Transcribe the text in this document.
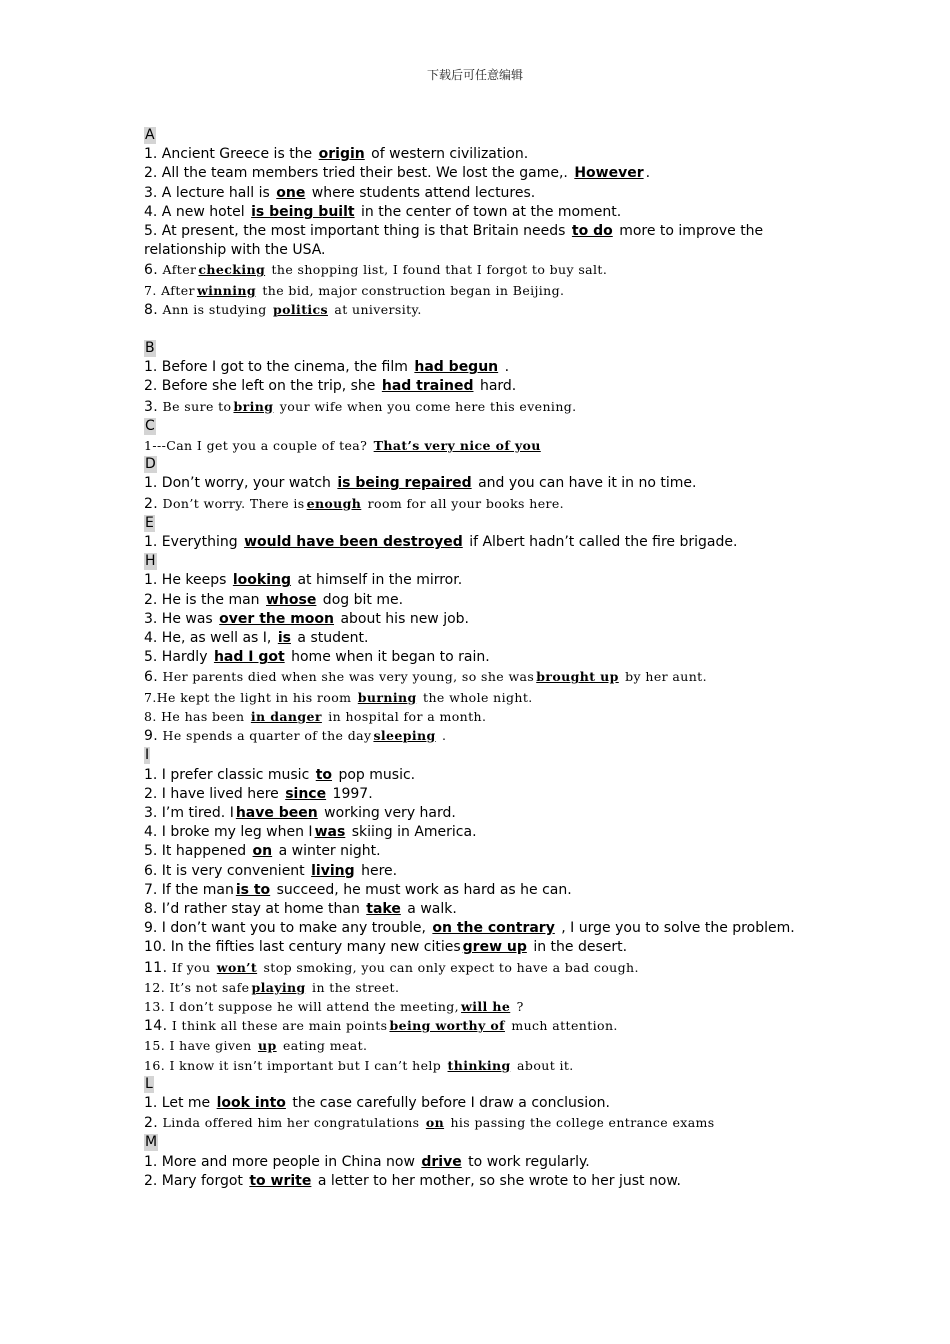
下载后可任意编辑
A
1. Ancient Greece is the origin of western civilization.
2. All the team members tried their best. We lost the game,. However .
3. A lecture hall is one where students attend lectures.
4. A new hotel is being built in the center of town at the moment.
5. At present, the most important thing is that Britain needs to do more to improve the relationship with the USA.
6. After checking the shopping list, I found that I forgot to buy salt.
7. After winning the bid, major construction began in Beijing.
8. Ann is studying politics at university.
B
1. Before I got to the cinema, the film had begun .
2. Before she left on the trip, she had trained hard.
3. Be sure to bring your wife when you come here this evening.
C
1---Can I get you a couple of tea? That’s very nice of you
D
1. Don’t worry, your watch is being repaired and you can have it in no time.
2. Don’t worry. There is enough room for all your books here.
E
1. Everything would have been destroyed if Albert hadn’t called the fire brigade.
H
1. He keeps looking at himself in the mirror.
2. He is the man whose dog bit me.
3. He was over the moon about his new job.
4. He, as well as I, is a student.
5. Hardly had I got home when it began to rain.
6. Her parents died when she was very young, so she was brought up by her aunt.
7.He kept the light in his room burning the whole night.
8. He has been in danger in hospital for a month.
9. He spends a quarter of the day sleeping .
I
1. I prefer classic music to pop music.
2. I have lived here since 1997.
3. I’m tired. I have been working very hard.
4. I broke my leg when I was skiing in America.
5. It happened on a winter night.
6. It is very convenient living here.
7. If the man is to succeed, he must work as hard as he can.
8. I’d rather stay at home than take a walk.
9. I don’t want you to make any trouble, on the contrary , I urge you to solve the problem.
10. In the fifties last century many new cities grew up in the desert.
11. If you won’t stop smoking, you can only expect to have a bad cough.
12. It’s not safe playing in the street.
13. I don’t suppose he will attend the meeting, will he ?
14. I think all these are main points being worthy of much attention.
15. I have given up eating meat.
16. I know it isn’t important but I can’t help thinking about it.
L
1. Let me look into the case carefully before I draw a conclusion.
2. Linda offered him her congratulations on his passing the college entrance exams
M
1. More and more people in China now drive to work regularly.
2. Mary forgot to write a letter to her mother, so she wrote to her just now.
